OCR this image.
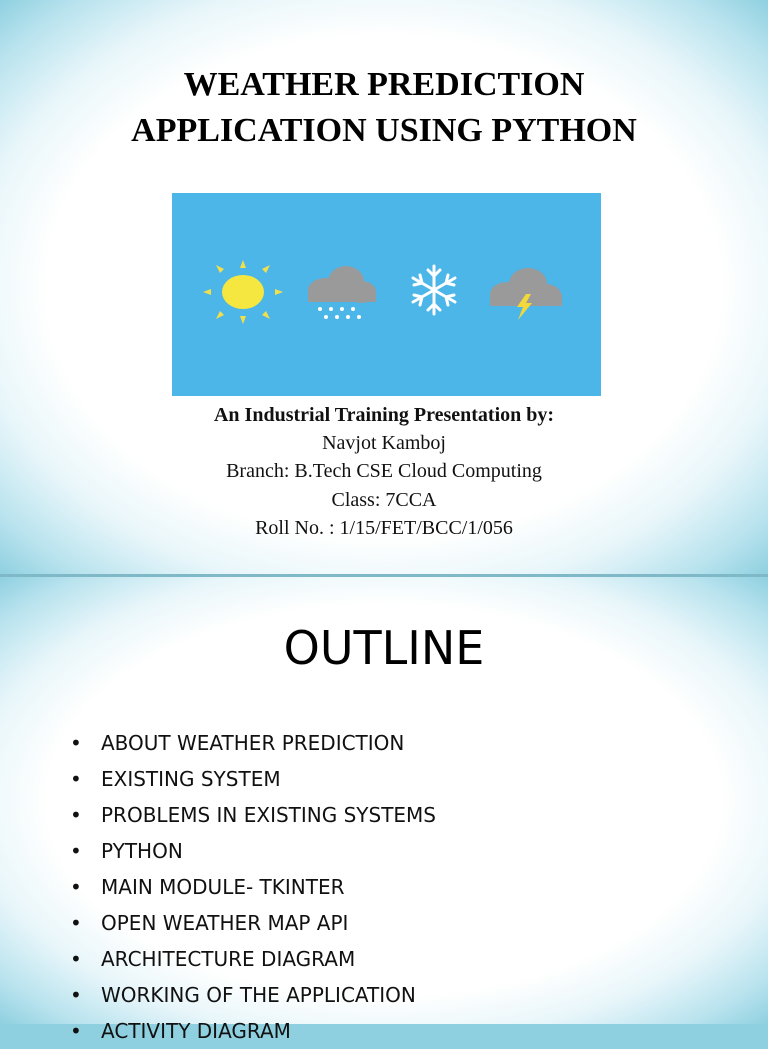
WEATHER PREDICTION
APPLICATION USING PYTHON
An Industrial Training Presentation by:
Navjot Kamboj
Branch: B.Tech CSE Cloud Computing
Class: 7CCA
Roll No. : 1/15/FET/BCC/1/056
OUTLINE
• ABOUT WEATHER PREDICTION
• EXISTING SYSTEM
• PROBLEMS IN EXISTING SYSTEMS
• PYTHON
• MAIN MODULE- TKINTER
• OPEN WEATHER MAP API
• ARCHITECTURE DIAGRAM
• WORKING OF THE APPLICATION
• ACTIVITY DIAGRAM
